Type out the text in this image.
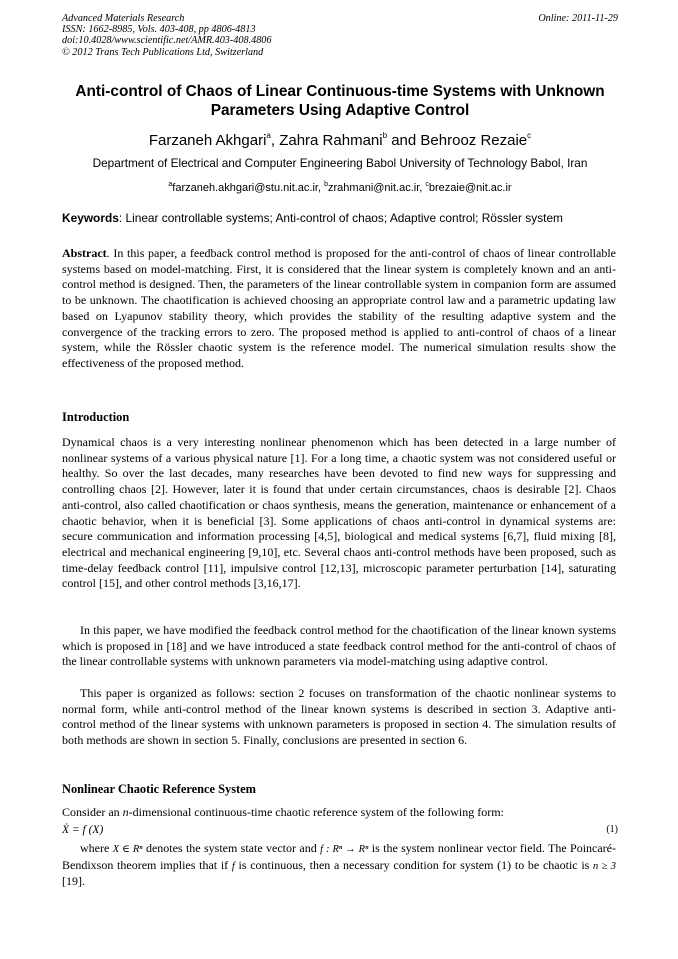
Advanced Materials Research
ISSN: 1662-8985, Vols. 403-408, pp 4806-4813
doi:10.4028/www.scientific.net/AMR.403-408.4806
© 2012 Trans Tech Publications Ltd, Switzerland
Online: 2011-11-29
Anti-control of Chaos of Linear Continuous-time Systems with Unknown Parameters Using Adaptive Control
Farzaneh Akhgari$^a$, Zahra Rahmani$^b$ and Behrooz Rezaie$^c$
Department of Electrical and Computer Engineering Babol University of Technology Babol, Iran
$^a$farzaneh.akhgari@stu.nit.ac.ir, $^b$zrahmani@nit.ac.ir, $^c$brezaie@nit.ac.ir
Keywords: Linear controllable systems; Anti-control of chaos; Adaptive control; Rössler system
Abstract. In this paper, a feedback control method is proposed for the anti-control of chaos of linear controllable systems based on model-matching. First, it is considered that the linear system is completely known and an anti-control method is designed. Then, the parameters of the linear controllable system in companion form are assumed to be unknown. The chaotification is achieved choosing an appropriate control law and a parametric updating law based on Lyapunov stability theory, which provides the stability of the resulting adaptive system and the convergence of the tracking errors to zero. The proposed method is applied to anti-control of chaos of a linear system, while the Rössler chaotic system is the reference model. The numerical simulation results show the effectiveness of the proposed method.
Introduction
Dynamical chaos is a very interesting nonlinear phenomenon which has been detected in a large number of nonlinear systems of a various physical nature [1]. For a long time, a chaotic system was not considered useful or healthy. So over the last decades, many researches have been devoted to find new ways for suppressing and controlling chaos [2]. However, later it is found that under certain circumstances, chaos is desirable [2]. Chaos anti-control, also called chaotification or chaos synthesis, means the generation, maintenance or enhancement of a chaotic behavior, when it is beneficial [3]. Some applications of chaos anti-control in dynamical systems are: secure communication and information processing [4,5], biological and medical systems [6,7], fluid mixing [8], electrical and mechanical engineering [9,10], etc. Several chaos anti-control methods have been proposed, such as time-delay feedback control [11], impulsive control [12,13], microscopic parameter perturbation [14], saturating control [15], and other control methods [3,16,17].
In this paper, we have modified the feedback control method for the chaotification of the linear known systems which is proposed in [18] and we have introduced a state feedback control method for the anti-control of chaos of the linear controllable systems with unknown parameters via model-matching using adaptive control.
This paper is organized as follows: section 2 focuses on transformation of the chaotic nonlinear systems to normal form, while anti-control method of the linear known systems is described in section 3. Adaptive anti-control method of the linear systems with unknown parameters is proposed in section 4. The simulation results of both methods are shown in section 5. Finally, conclusions are presented in section 6.
Nonlinear Chaotic Reference System
Consider an n-dimensional continuous-time chaotic reference system of the following form:
Ẋ = f (X)	(1)
where X ∈ Rⁿ denotes the system state vector and f : Rⁿ → Rⁿ is the system nonlinear vector field. The Poincaré-Bendixson theorem implies that if f is continuous, then a necessary condition for system (1) to be chaotic is n ≥ 3 [19].
